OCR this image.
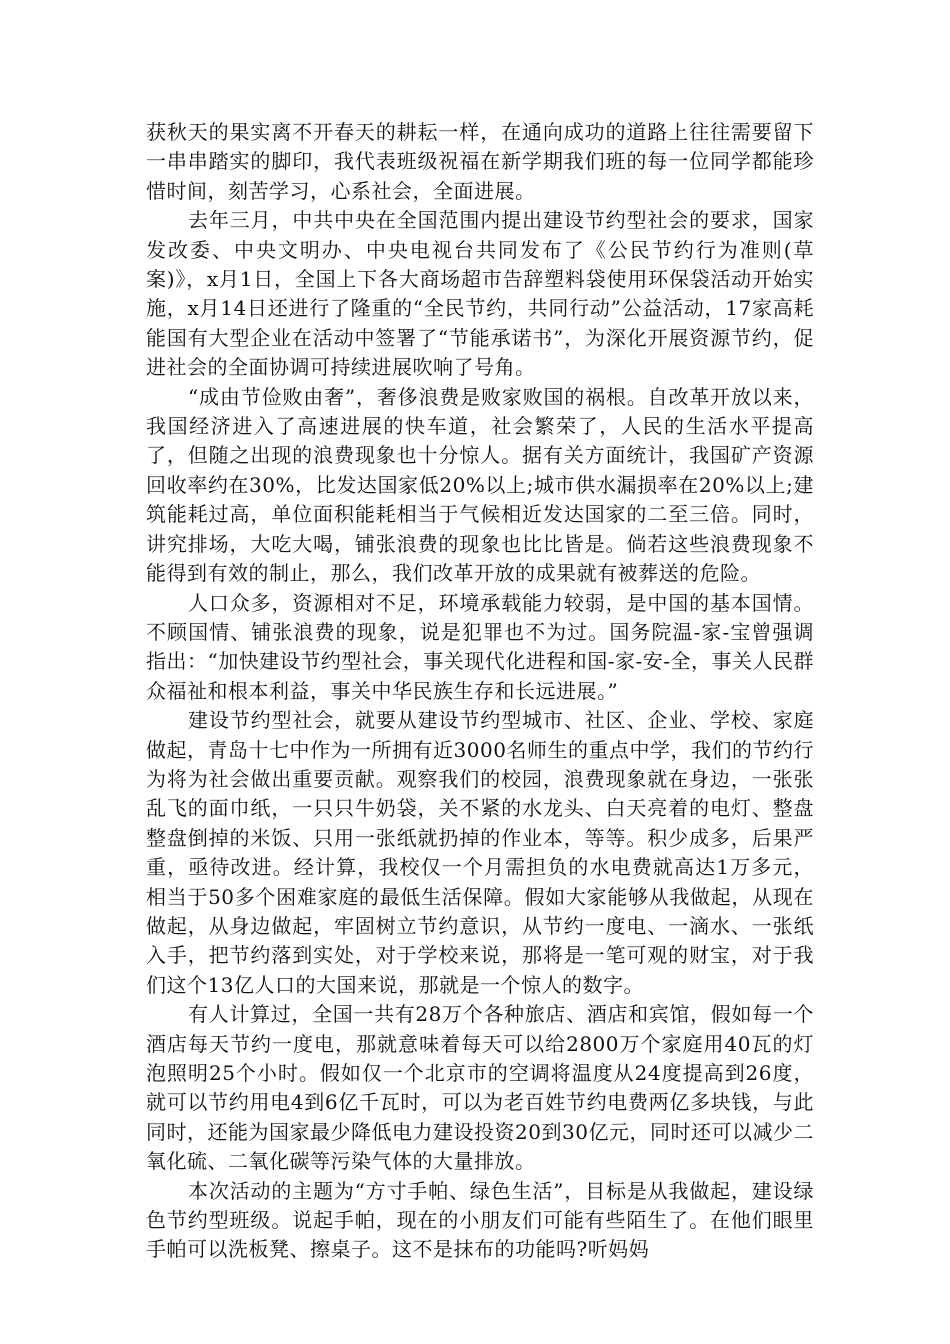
获秋天的果实离不开春天的耕耘一样，在通向成功的道路上往往需要留下一串串踏实的脚印，我代表班级祝福在新学期我们班的每一位同学都能珍惜时间，刻苦学习，心系社会，全面进展。

去年三月，中共中央在全国范围内提出建设节约型社会的要求，国家发改委、中央文明办、中央电视台共同发布了《公民节约行为准则(草案)》，x月1日，全国上下各大商场超市告辞塑料袋使用环保袋活动开始实施，x月14日还进行了隆重的“全民节约，共同行动”公益活动，17家高耗能国有大型企业在活动中签署了“节能承诺书”，为深化开展资源节约，促进社会的全面协调可持续进展吹响了号角。

“成由节俭败由奢”，奢侈浪费是败家败国的祸根。自改革开放以来，我国经济进入了高速进展的快车道，社会繁荣了，人民的生活水平提高了，但随之出现的浪费现象也十分惊人。据有关方面统计，我国矿产资源回收率约在30%，比发达国家低20%以上;城市供水漏损率在20%以上;建筑能耗过高，单位面积能耗相当于气候相近发达国家的二至三倍。同时，讲究排场，大吃大喝，铺张浪费的现象也比比皆是。倘若这些浪费现象不能得到有效的制止，那么，我们改革开放的成果就有被葬送的危险。

人口众多，资源相对不足，环境承载能力较弱，是中国的基本国情。不顾国情、铺张浪费的现象，说是犯罪也不为过。国务院温-家-宝曾强调指出：“加快建设节约型社会，事关现代化进程和国-家-安-全，事关人民群众福祉和根本利益，事关中华民族生存和长远进展。”

建设节约型社会，就要从建设节约型城市、社区、企业、学校、家庭做起，青岛十七中作为一所拥有近3000名师生的重点中学，我们的节约行为将为社会做出重要贡献。观察我们的校园，浪费现象就在身边，一张张乱飞的面巾纸，一只只牛奶袋，关不紧的水龙头、白天亮着的电灯、整盘整盘倒掉的米饭、只用一张纸就扔掉的作业本，等等。积少成多，后果严重，亟待改进。经计算，我校仅一个月需担负的水电费就高达1万多元，相当于50多个困难家庭的最低生活保障。假如大家能够从我做起，从现在做起，从身边做起，牢固树立节约意识，从节约一度电、一滴水、一张纸入手，把节约落到实处，对于学校来说，那将是一笔可观的财宝，对于我们这个13亿人口的大国来说，那就是一个惊人的数字。

有人计算过，全国一共有28万个各种旅店、酒店和宾馆，假如每一个酒店每天节约一度电，那就意味着每天可以给2800万个家庭用40瓦的灯泡照明25个小时。假如仅一个北京市的空调将温度从24度提高到26度，就可以节约用电4到6亿千瓦时，可以为老百姓节约电费两亿多块钱，与此同时，还能为国家最少降低电力建设投资20到30亿元，同时还可以减少二氧化硫、二氧化碳等污染气体的大量排放。

本次活动的主题为“方寸手帕、绿色生活”，目标是从我做起，建设绿色节约型班级。说起手帕，现在的小朋友们可能有些陌生了。在他们眼里手帕可以洗板凳、擦桌子。这不是抹布的功能吗?听妈妈
